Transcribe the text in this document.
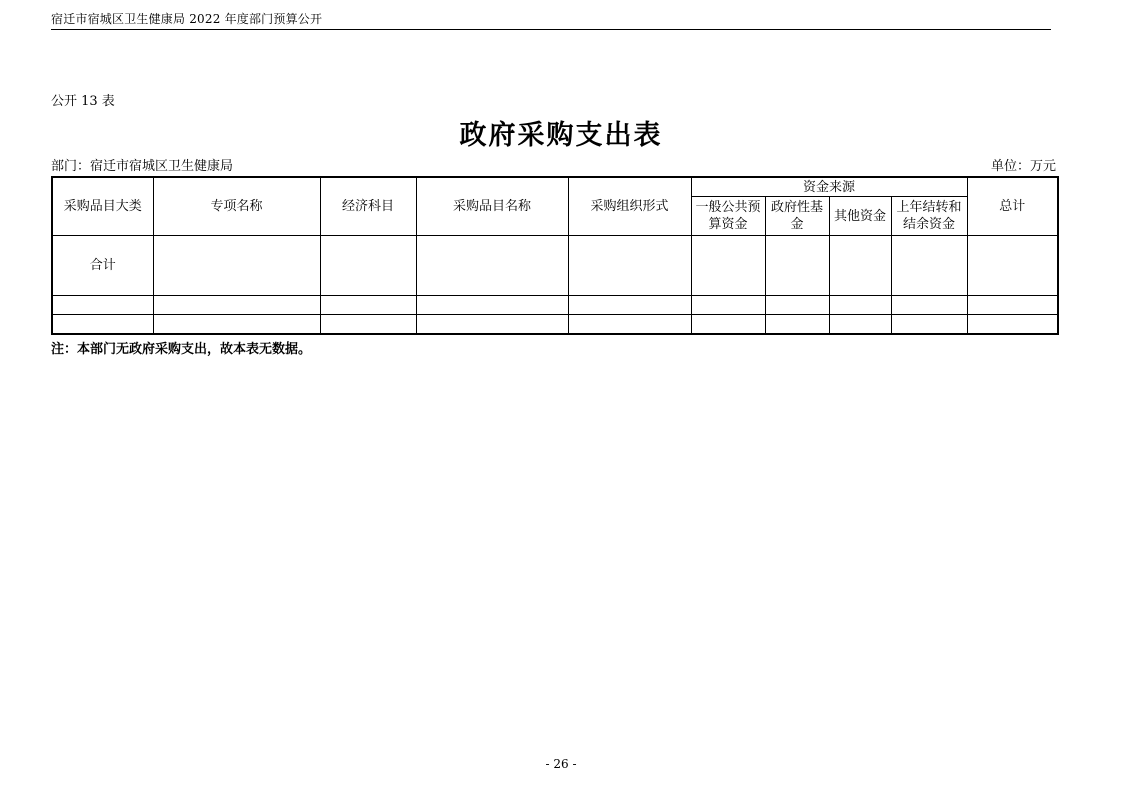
宿迁市宿城区卫生健康局 2022 年度部门预算公开
公开 13 表
政府采购支出表
部门：宿迁市宿城区卫生健康局	单位：万元
采购品目大类	专项名称	经济科目	采购品目名称	采购组织形式	资金来源				总计
					一般公共预算资金	政府性基金	其他资金	上年结转和结余资金	
合计									

注：本部门无政府采购支出，故本表无数据。
- 26 -
